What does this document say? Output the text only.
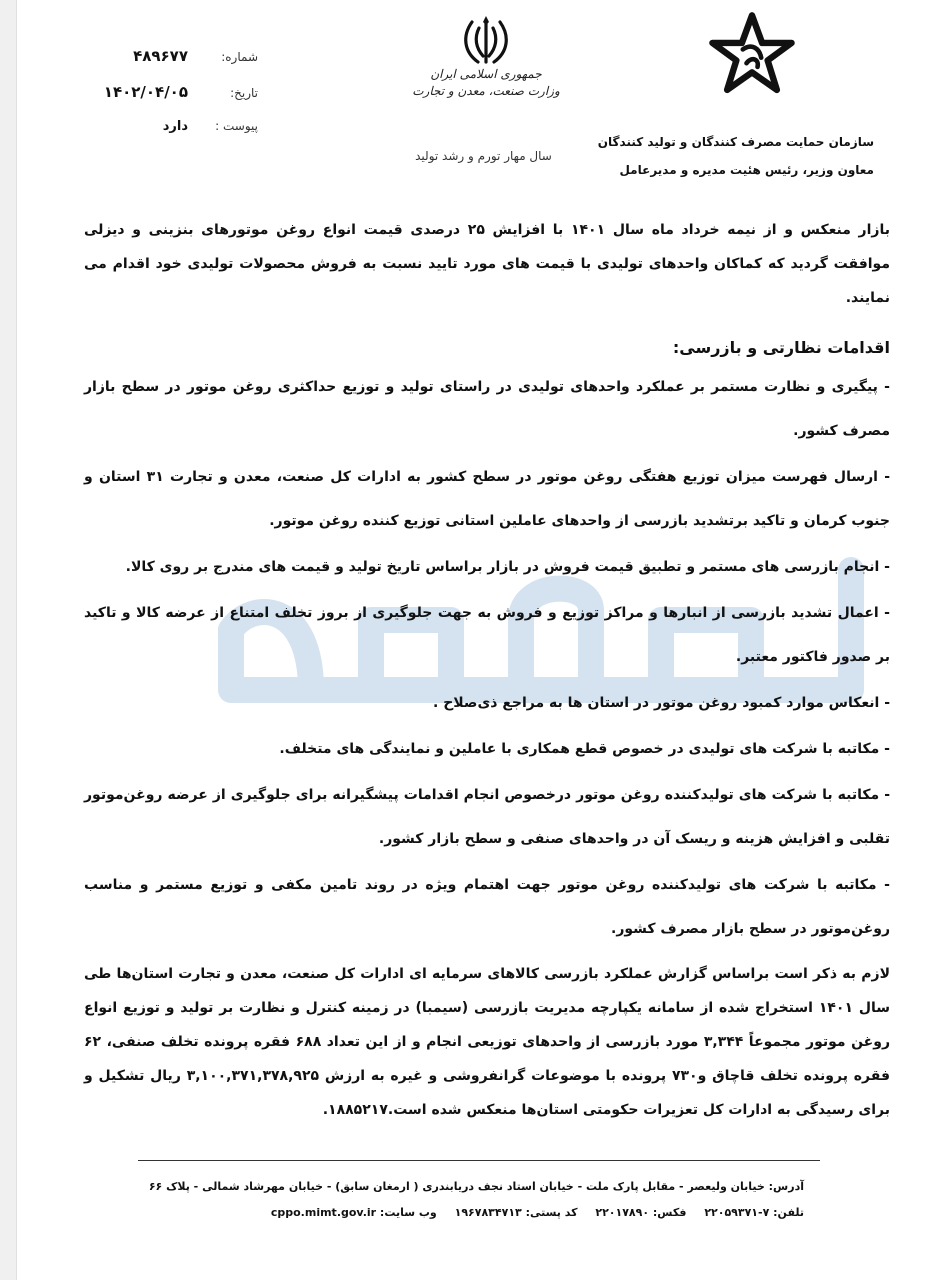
جمهوری اسلامی ایران
وزارت صنعت، معدن و تجارت
سال مهار تورم و رشد تولید
سازمان حمایت مصرف کنندگان و تولید کنندگان
معاون وزیر، رئیس هئیت مدیره و مدیرعامل
شماره:
۴۸۹۶۷۷
تاریخ:
۱۴۰۲/۰۴/۰۵
پیوست :
دارد

بازار منعکس و از نیمه خرداد ماه سال ۱۴۰۱ با افزایش ۲۵ درصدی قیمت انواع روغن موتورهای بنزینی و دیزلی موافقت گردید که کماکان واحدهای تولیدی با قیمت های مورد تایید نسبت به فروش محصولات تولیدی خود اقدام می نمایند.

اقدامات نظارتی و بازرسی:

- پیگیری و نظارت مستمر بر عملکرد واحدهای تولیدی در راستای تولید و توزیع حداکثری روغن موتور در سطح بازار مصرف کشور.

- ارسال فهرست میزان توزیع هفتگی روغن موتور در سطح کشور به ادارات کل صنعت، معدن و تجارت ۳۱ استان و جنوب کرمان و تاکید برتشدید بازرسی از واحدهای عاملین استانی توزیع کننده روغن موتور.

- انجام بازرسی های مستمر و تطبیق قیمت فروش در بازار براساس تاریخ تولید و قیمت های مندرج بر روی کالا.

- اعمال تشدید بازرسی از انبارها و مراکز توزیع و فروش به جهت جلوگیری از بروز تخلف امتناع از عرضه کالا و تاکید بر صدور فاکتور معتبر.

- انعکاس موارد کمبود روغن موتور در استان ها به مراجع ذی‌صلاح .

- مکاتبه با شرکت های تولیدی در خصوص قطع همکاری با عاملین و نمایندگی های متخلف.

- مکاتبه با شرکت های تولیدکننده روغن موتور درخصوص انجام اقدامات پیشگیرانه برای جلوگیری از عرضه روغن‌موتور تقلبی و افزایش هزینه و ریسک آن در واحدهای صنفی و سطح بازار کشور.

- مکاتبه با شرکت های تولیدکننده روغن موتور جهت اهتمام ویژه در روند تامین مکفی و توزیع مستمر و مناسب روغن‌موتور در سطح بازار مصرف کشور.

لازم به ذکر است براساس گزارش عملکرد بازرسی کالاهای سرمایه ای ادارات کل صنعت، معدن و تجارت استان‌ها طی سال ۱۴۰۱ استخراج شده از سامانه یکپارچه مدیریت بازرسی (سیمبا) در زمینه کنترل و نظارت بر تولید و توزیع انواع روغن موتور مجموعاً ۳,۳۴۴ مورد بازرسی از واحدهای توزیعی انجام و از این تعداد ۶۸۸ فقره پرونده تخلف صنفی، ۶۲ فقره پرونده تخلف قاچاق و۷۳۰ پرونده با موضوعات گرانفروشی و غیره به ارزش ۳,۱۰۰,۳۷۱,۳۷۸,۹۲۵ ریال تشکیل و برای رسیدگی به ادارات کل تعزیرات حکومتی استان‌ها منعکس شده است.۱۸۸۵۲۱۷.

آدرس: خیابان ولیعصر - مقابل پارک ملت - خیابان استاد نجف دریابندری ( ارمغان سابق) - خیابان مهرشاد شمالی - پلاک ۶۶
تلفن: ۷-۲۲۰۵۹۳۷۱ فکس: ۲۲۰۱۷۸۹۰ کد پستی: ۱۹۶۷۸۳۴۷۱۳ وب سایت: cppo.mimt.gov.ir
